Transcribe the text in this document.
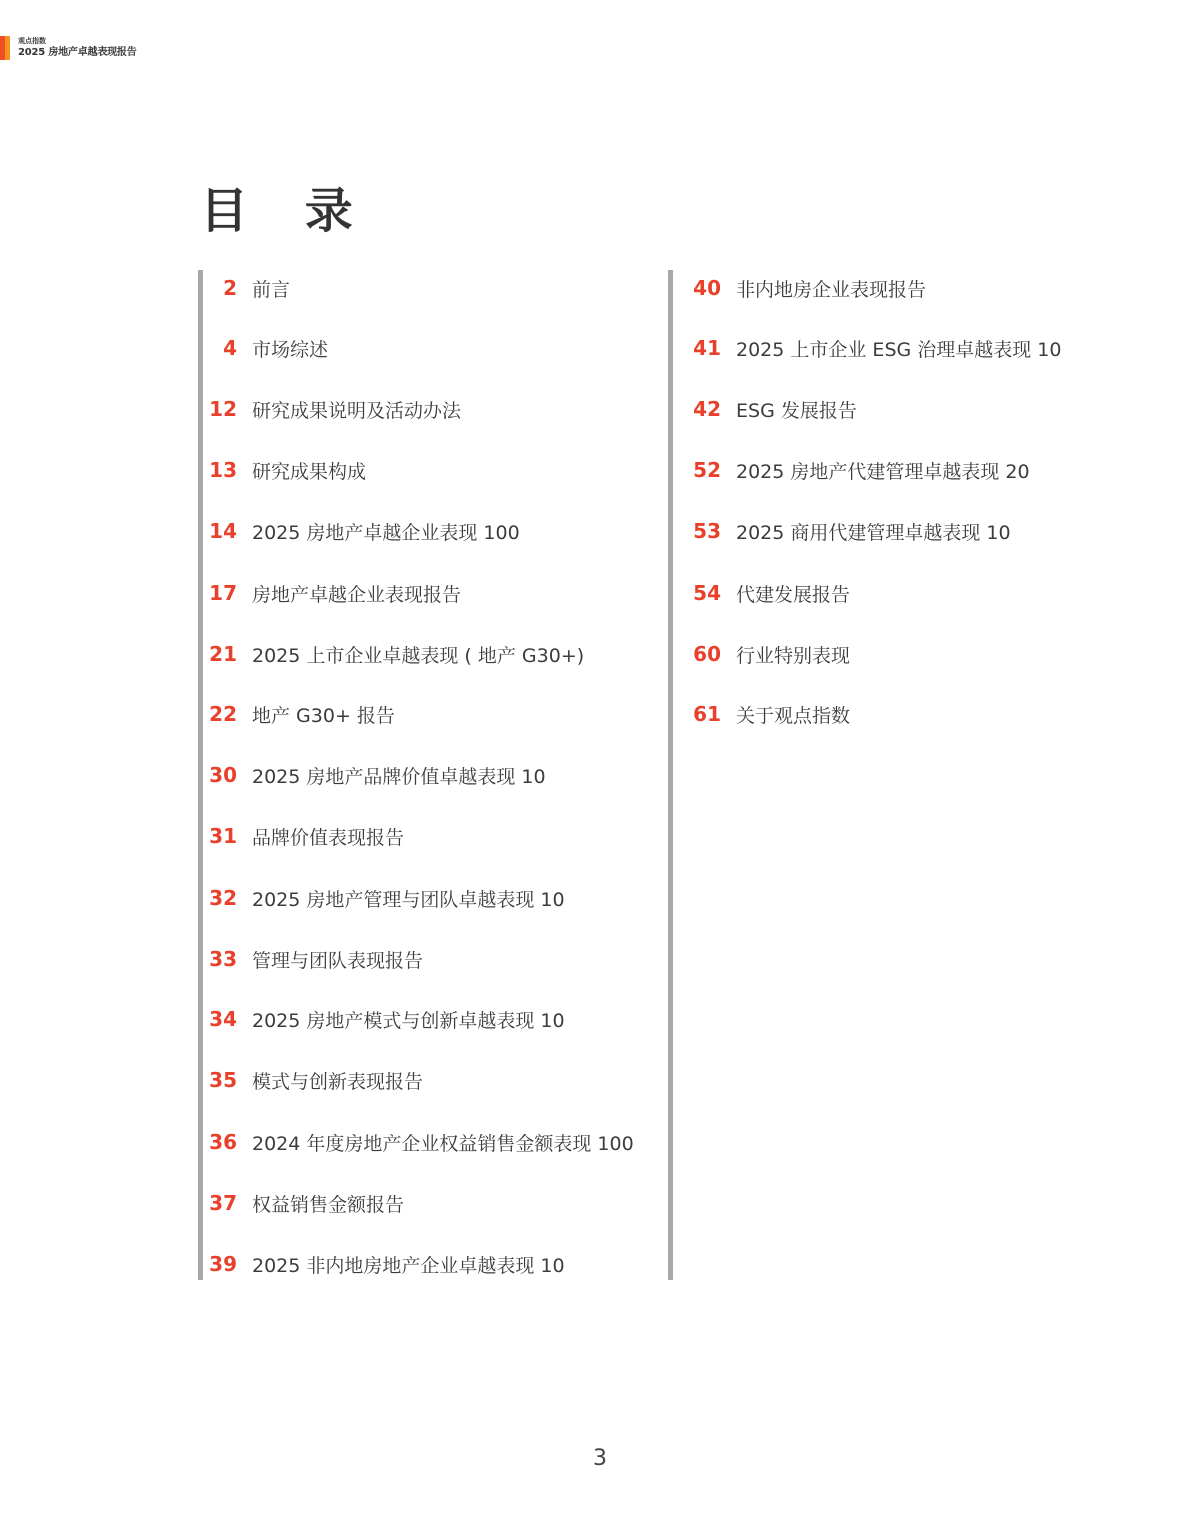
观点指数
2025 房地产卓越表现报告
目 录
2 前言
4 市场综述
12 研究成果说明及活动办法
13 研究成果构成
14 2025 房地产卓越企业表现 100
17 房地产卓越企业表现报告
21 2025 上市企业卓越表现 ( 地产 G30+)
22 地产 G30+ 报告
30 2025 房地产品牌价值卓越表现 10
31 品牌价值表现报告
32 2025 房地产管理与团队卓越表现 10
33 管理与团队表现报告
34 2025 房地产模式与创新卓越表现 10
35 模式与创新表现报告
36 2024 年度房地产企业权益销售金额表现 100
37 权益销售金额报告
39 2025 非内地房地产企业卓越表现 10
40 非内地房企业表现报告
41 2025 上市企业 ESG 治理卓越表现 10
42 ESG 发展报告
52 2025 房地产代建管理卓越表现 20
53 2025 商用代建管理卓越表现 10
54 代建发展报告
60 行业特别表现
61 关于观点指数
3
